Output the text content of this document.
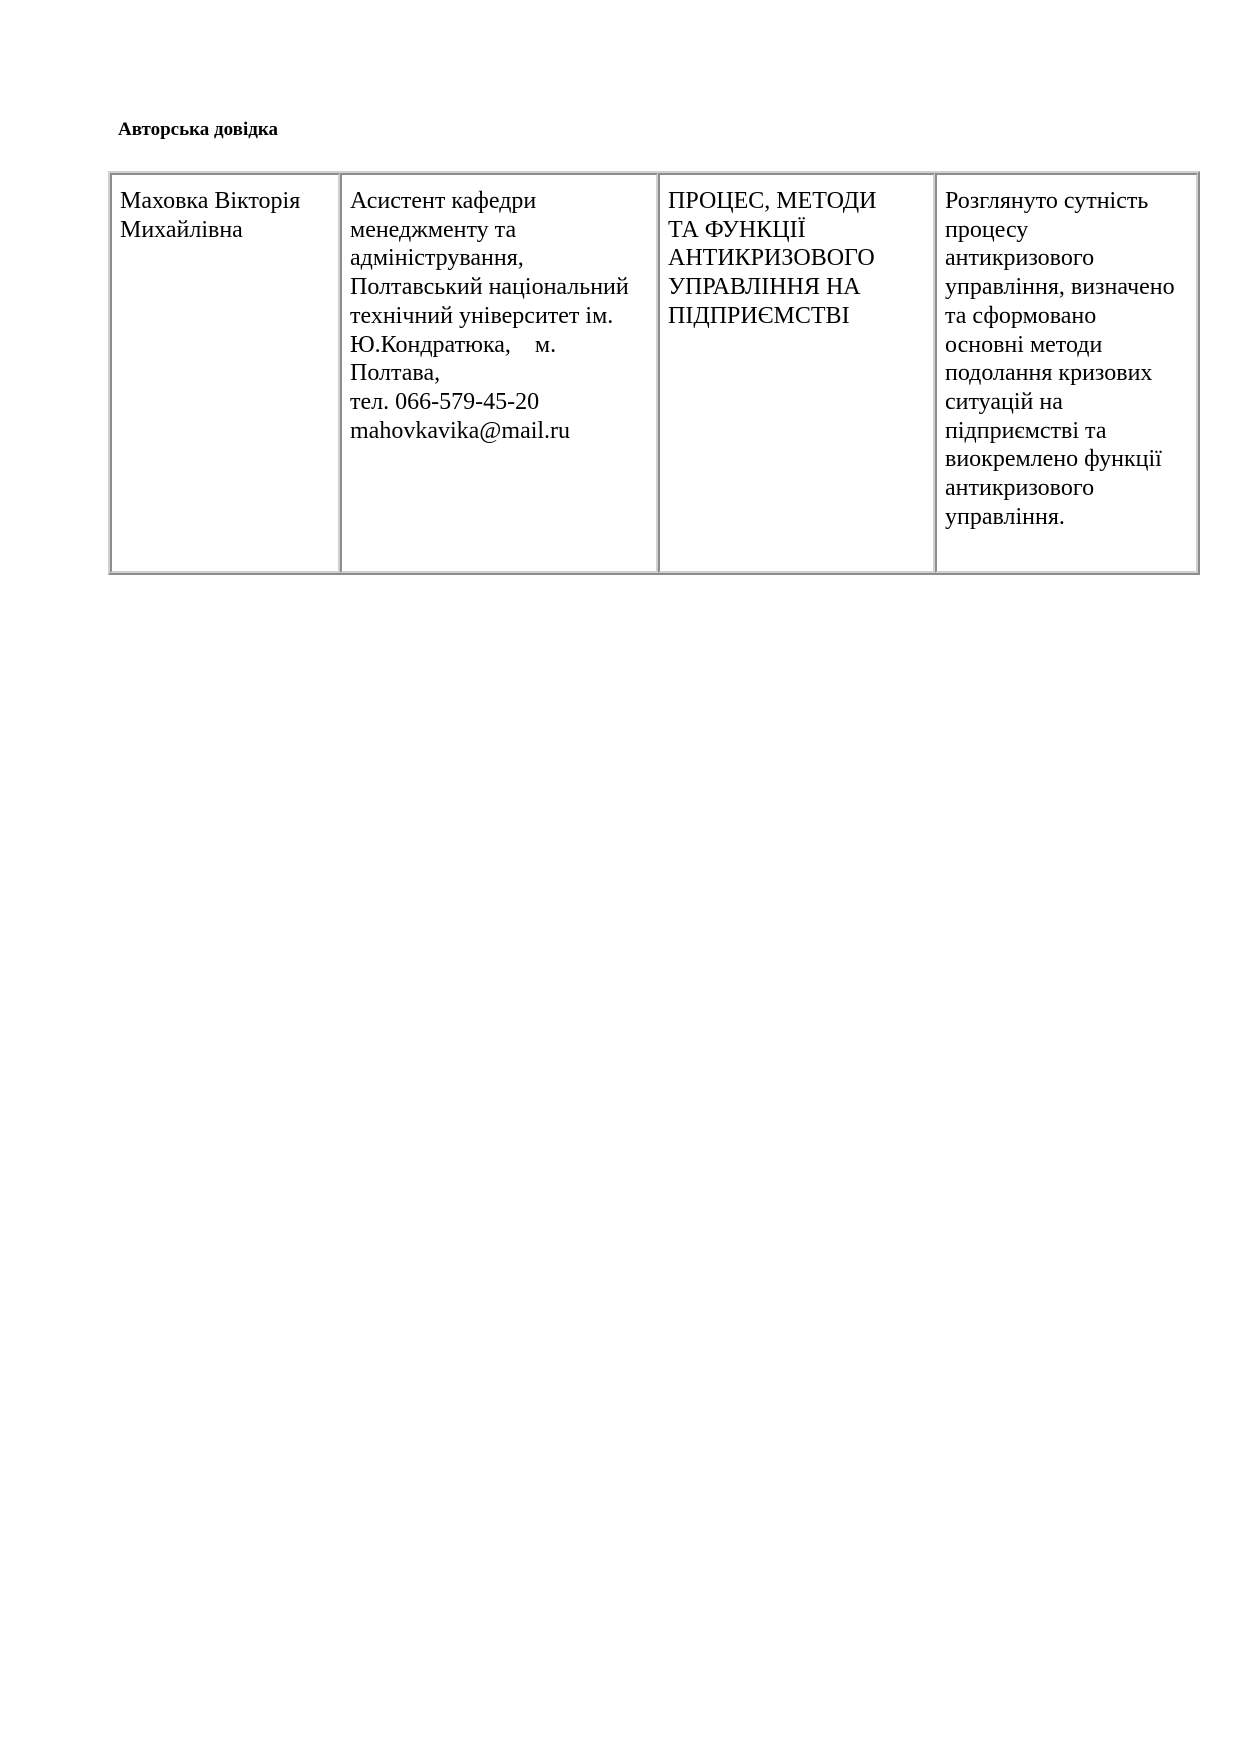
Авторська довідка
Маховка Вікторія
Михайлівна

Асистент кафедри
менеджменту та
адміністрування,
Полтавський національний
технічний університет ім.
Ю.Кондратюка,    м.
Полтава,
тел. 066-579-45-20
mahovkavika@mail.ru

ПРОЦЕС, МЕТОДИ
ТА ФУНКЦІЇ
АНТИКРИЗОВОГО
УПРАВЛІННЯ НА
ПІДПРИЄМСТВІ

Розглянуто сутність
процесу
антикризового
управління, визначено
та сформовано
основні методи
подолання кризових
ситуацій на
підприємстві та
виокремлено функції
антикризового
управління.
